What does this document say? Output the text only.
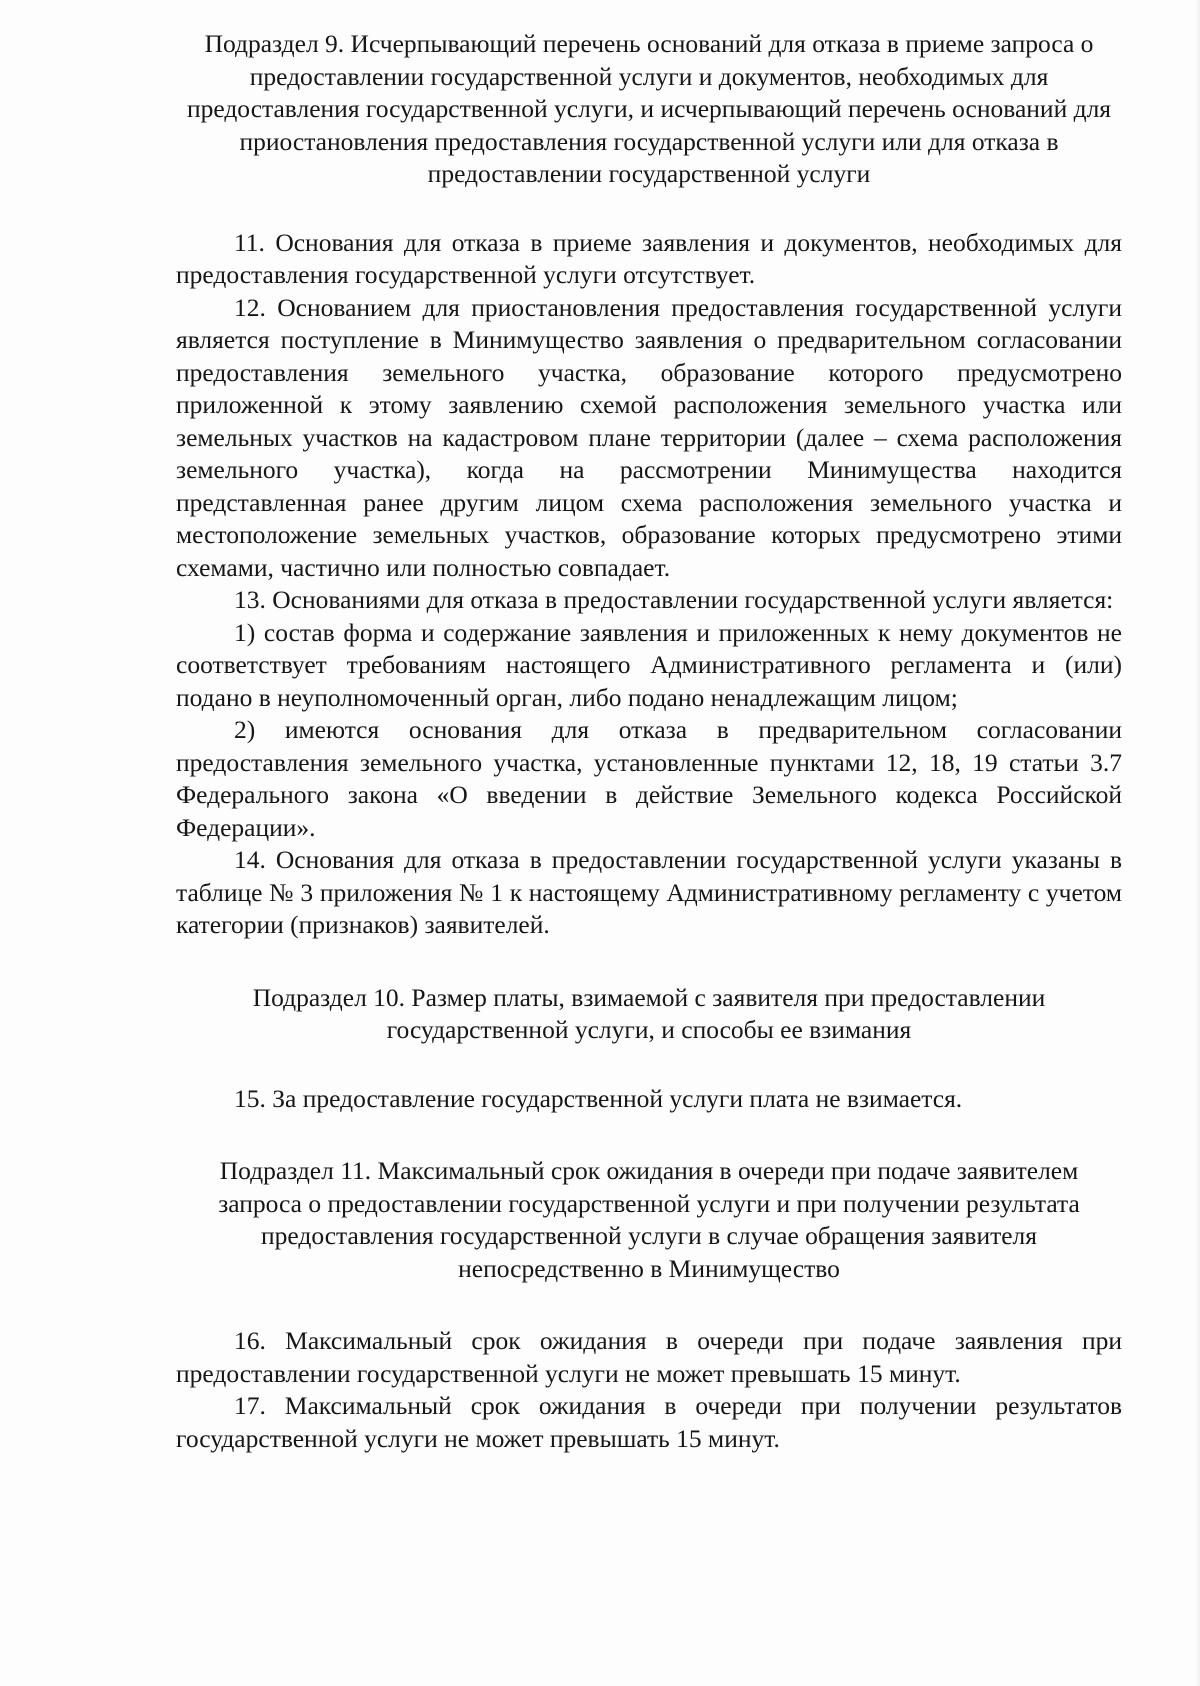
Подраздел 9. Исчерпывающий перечень оснований для отказа в приеме запроса о предоставлении государственной услуги и документов, необходимых для предоставления государственной услуги, и исчерпывающий перечень оснований для приостановления предоставления государственной услуги или для отказа в предоставлении государственной услуги

11. Основания для отказа в приеме заявления и документов, необходимых для предоставления государственной услуги отсутствует.

12. Основанием для приостановления предоставления государственной услуги является поступление в Минимущество заявления о предварительном согласовании предоставления земельного участка, образование которого предусмотрено приложенной к этому заявлению схемой расположения земельного участка или земельных участков на кадастровом плане территории (далее – схема расположения земельного участка), когда на рассмотрении Минимущества находится представленная ранее другим лицом схема расположения земельного участка и местоположение земельных участков, образование которых предусмотрено этими схемами, частично или полностью совпадает.

13. Основаниями для отказа в предоставлении государственной услуги является:

1) состав форма и содержание заявления и приложенных к нему документов не соответствует требованиям настоящего Административного регламента и (или) подано в неуполномоченный орган, либо подано ненадлежащим лицом;

2) имеются основания для отказа в предварительном согласовании предоставления земельного участка, установленные пунктами 12, 18, 19 статьи 3.7 Федерального закона «О введении в действие Земельного кодекса Российской Федерации».

14. Основания для отказа в предоставлении государственной услуги указаны в таблице № 3 приложения № 1 к настоящему Административному регламенту с учетом категории (признаков) заявителей.

Подраздел 10. Размер платы, взимаемой с заявителя при предоставлении государственной услуги, и способы ее взимания

15. За предоставление государственной услуги плата не взимается.

Подраздел 11. Максимальный срок ожидания в очереди при подаче заявителем запроса о предоставлении государственной услуги и при получении результата предоставления государственной услуги в случае обращения заявителя непосредственно в Минимущество

16. Максимальный срок ожидания в очереди при подаче заявления при предоставлении государственной услуги не может превышать 15 минут.

17. Максимальный срок ожидания в очереди при получении результатов государственной услуги не может превышать 15 минут.
